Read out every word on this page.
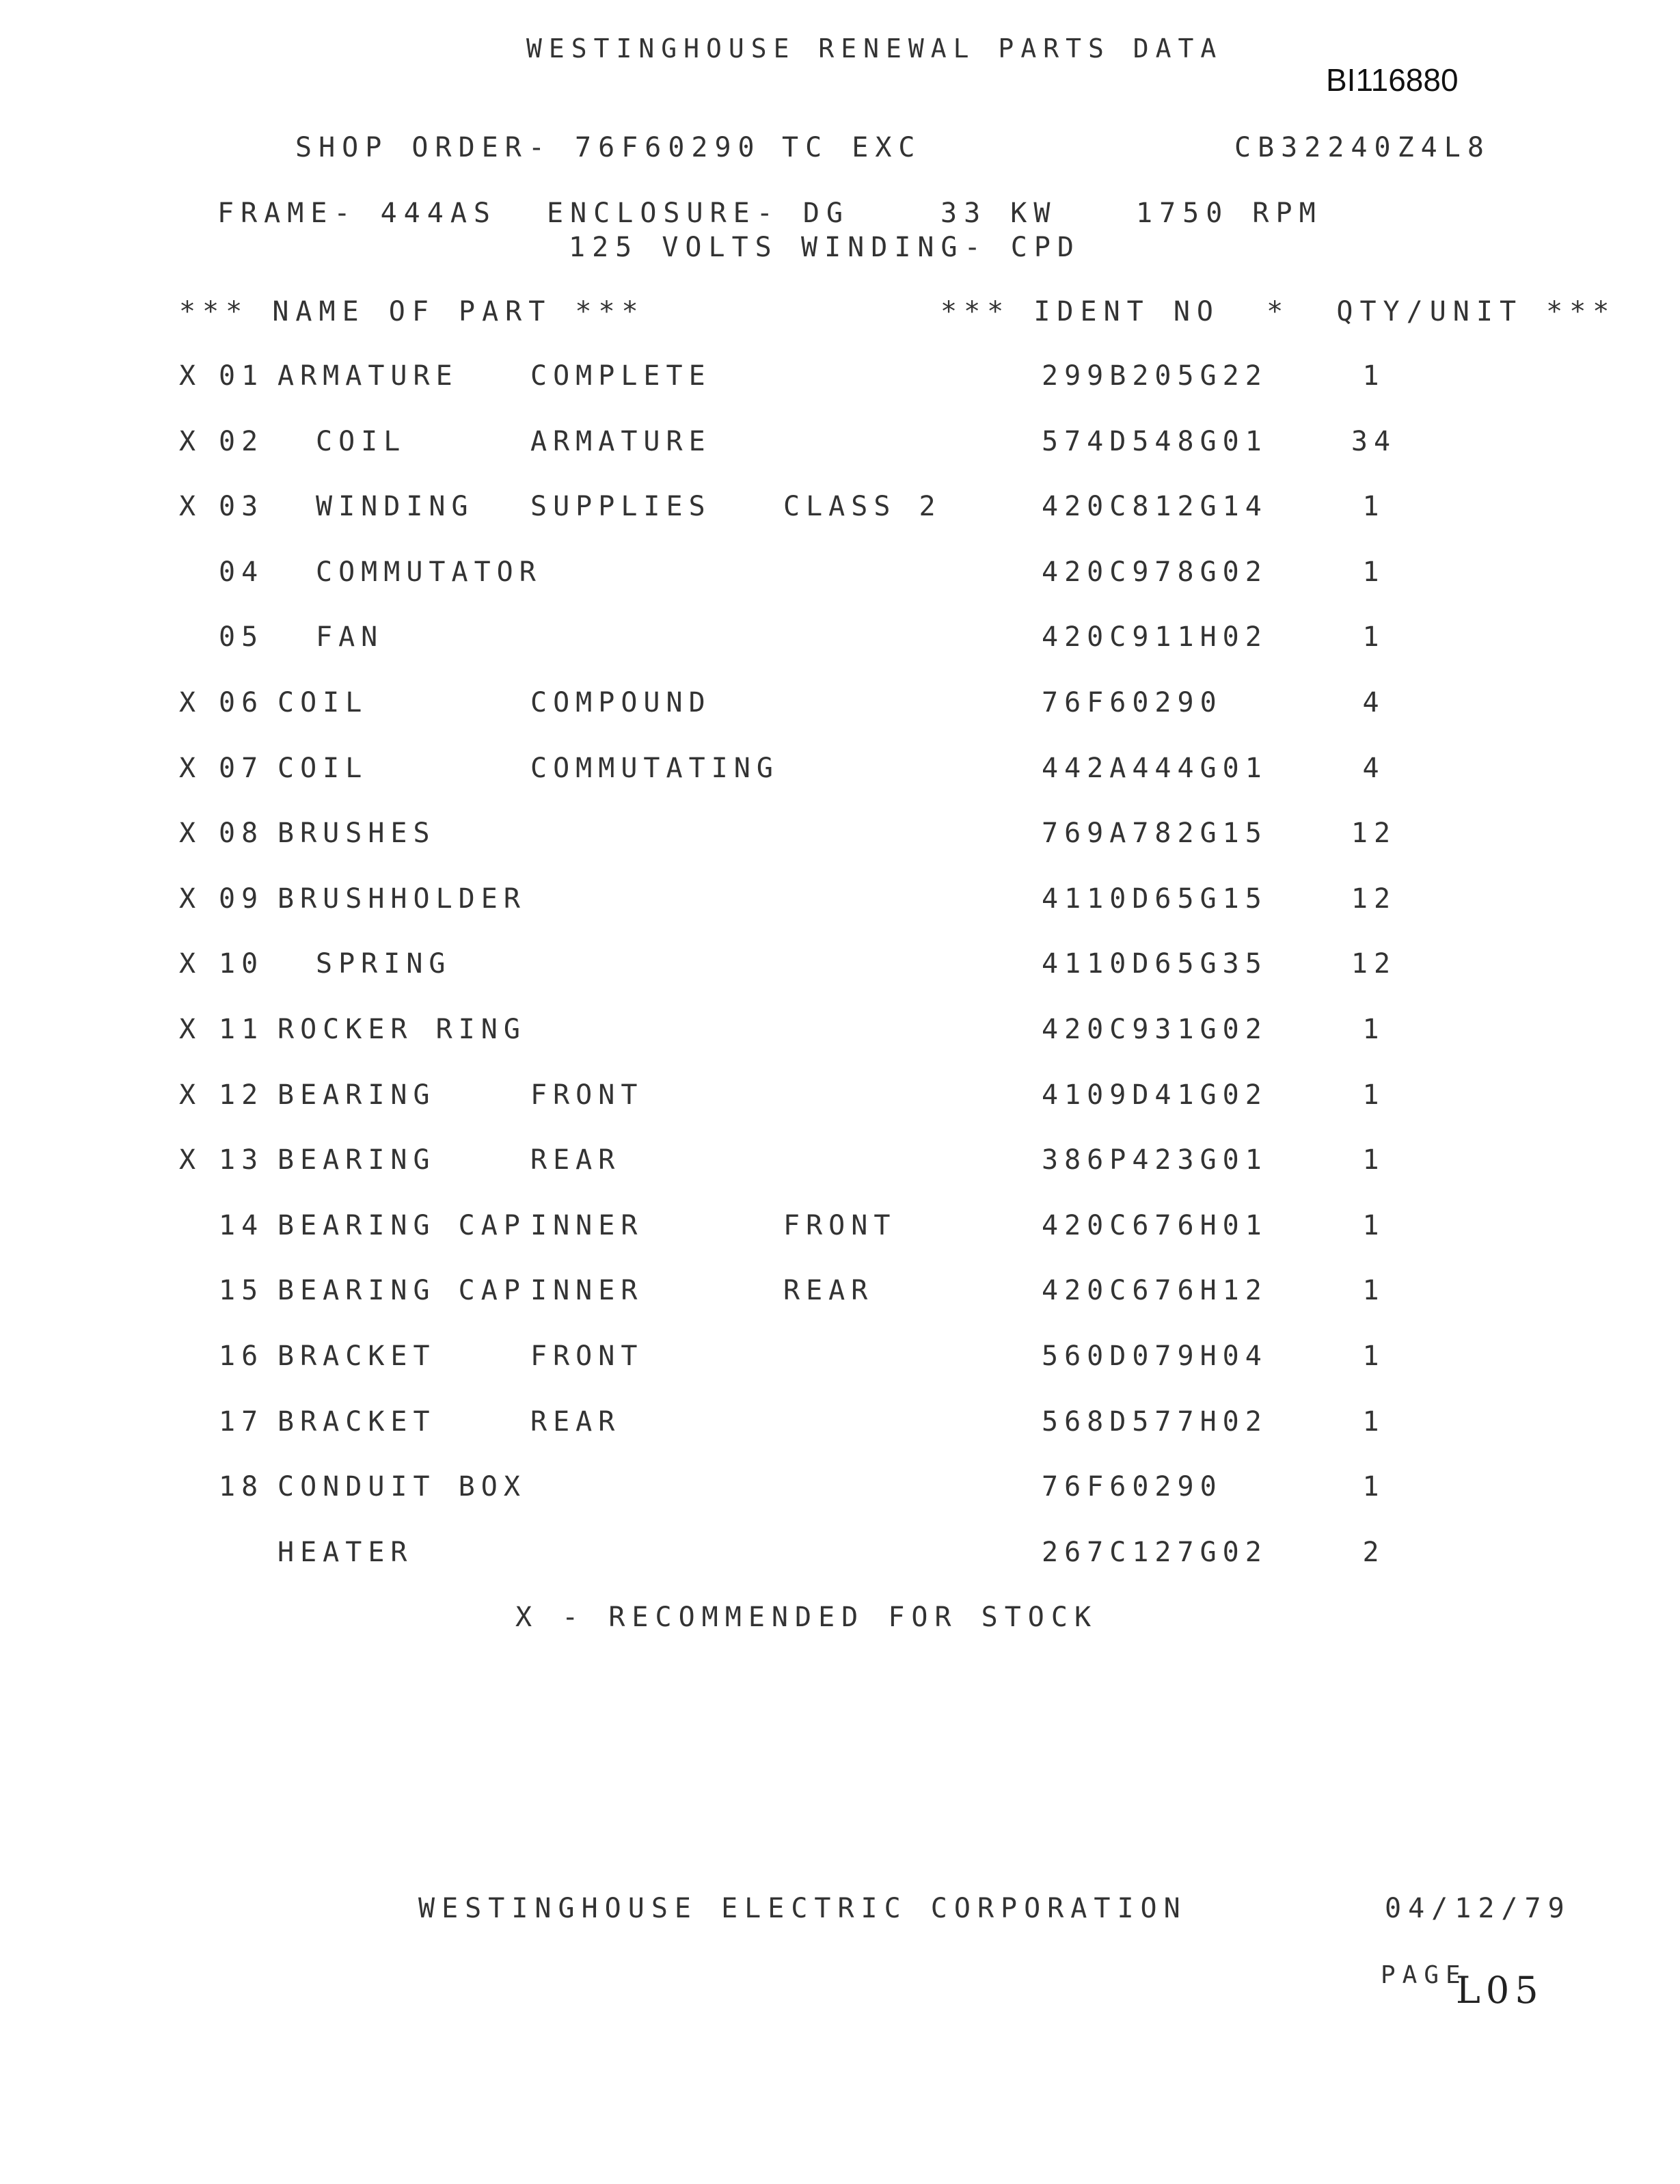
WESTINGHOUSE RENEWAL PARTS DATA
BI116880
SHOP ORDER- 76F60290 TC EXC	CB32240Z4L8
FRAME- 444AS ENCLOSURE- DG	33 KW	1750 RPM
125 VOLTS WINDING- CPD
*** NAME OF PART ***	*** IDENT NO  *  QTY/UNIT ***
X 01 ARMATURE	COMPLETE	299B205G22	1
X 02 COIL	ARMATURE	574D548G01	34
X 03 WINDING SUPPLIES	CLASS 2	420C812G14	1
04 COMMUTATOR	420C978G02	1
05 FAN	420C911H02	1
X 06 COIL	COMPOUND	76F60290	4
X 07 COIL	COMMUTATING	442A444G01	4
X 08 BRUSHES	769A782G15	12
X 09 BRUSHHOLDER	4110D65G15	12
X 10 SPRING	4110D65G35	12
X 11 ROCKER RING	420C931G02	1
X 12 BEARING	FRONT	4109D41G02	1
X 13 BEARING	REAR	386P423G01	1
14 BEARING CAP INNER	FRONT	420C676H01	1
15 BEARING CAP INNER	REAR	420C676H12	1
16 BRACKET	FRONT	560D079H04	1
17 BRACKET	REAR	568D577H02	1
18 CONDUIT BOX	76F60290	1
HEATER	267C127G02	2
X - RECOMMENDED FOR STOCK
WESTINGHOUSE ELECTRIC CORPORATION	04/12/79
PAGE
L05
